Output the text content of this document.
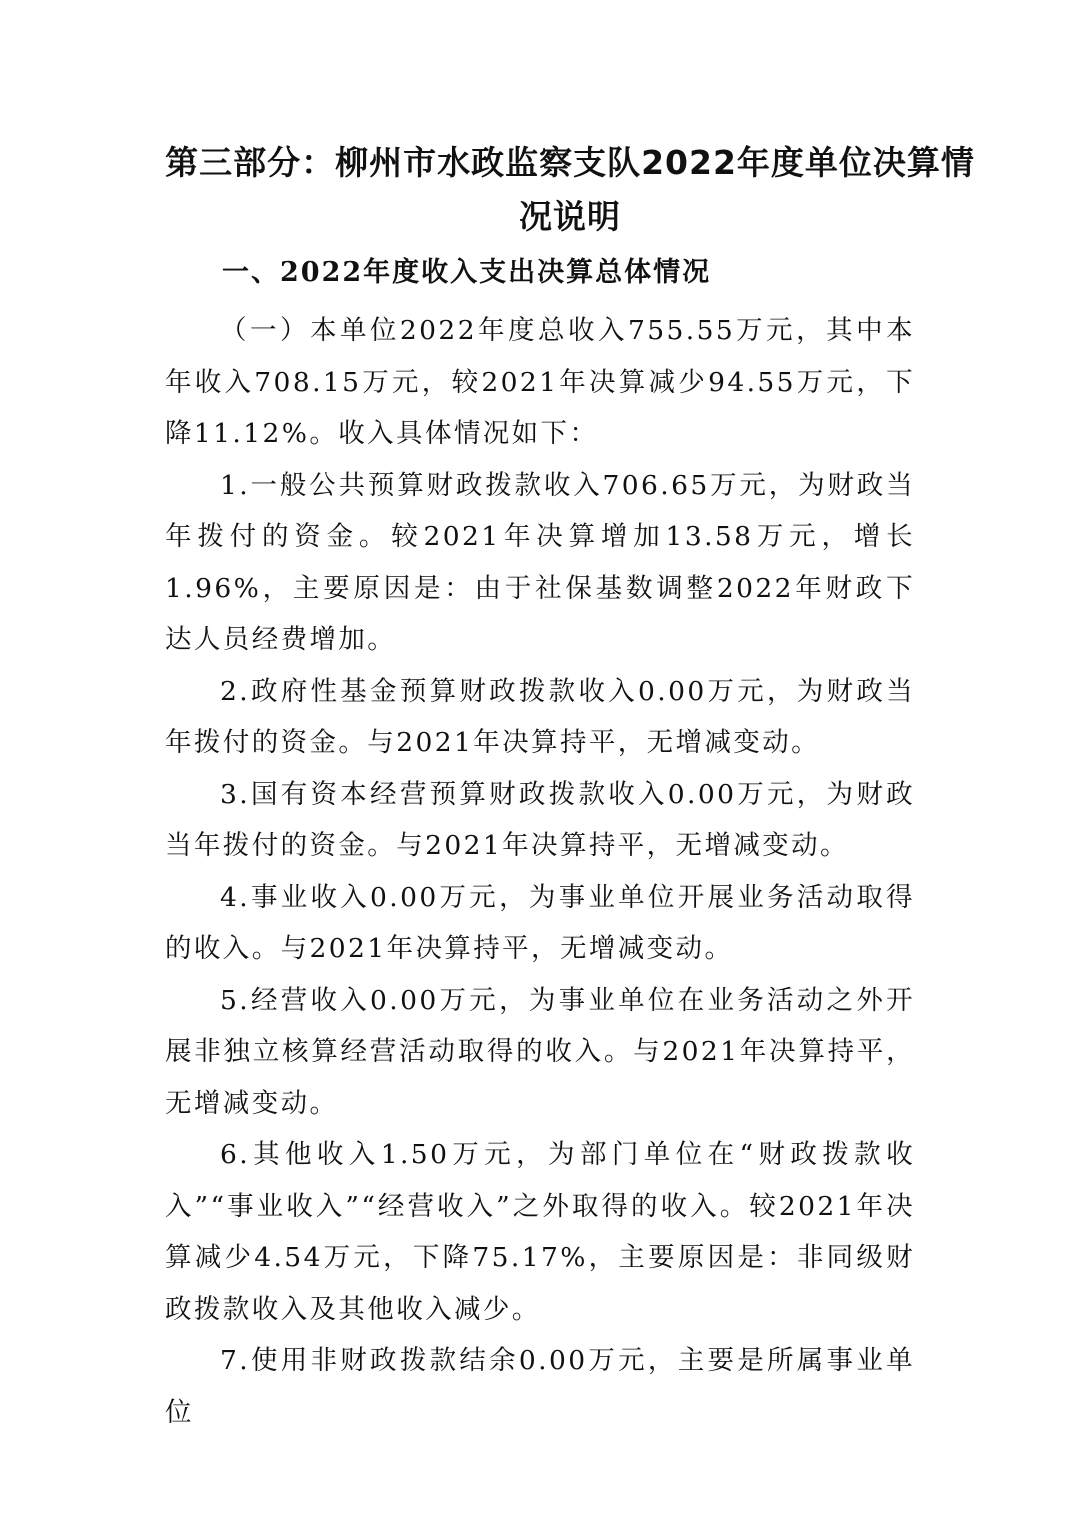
第三部分：柳州市水政监察支队2022年度单位决算情况说明
一、2022年度收入支出决算总体情况

（一）本单位2022年度总收入755.55万元，其中本年收入708.15万元，较2021年决算减少94.55万元，下降11.12%。收入具体情况如下：

1.一般公共预算财政拨款收入706.65万元，为财政当年拨付的资金。较2021年决算增加13.58万元，增长1.96%，主要原因是：由于社保基数调整2022年财政下达人员经费增加。

2.政府性基金预算财政拨款收入0.00万元，为财政当年拨付的资金。与2021年决算持平，无增减变动。

3.国有资本经营预算财政拨款收入0.00万元，为财政当年拨付的资金。与2021年决算持平，无增减变动。

4.事业收入0.00万元，为事业单位开展业务活动取得的收入。与2021年决算持平，无增减变动。

5.经营收入0.00万元，为事业单位在业务活动之外开展非独立核算经营活动取得的收入。与2021年决算持平，无增减变动。

6.其他收入1.50万元，为部门单位在“财政拨款收入”“事业收入”“经营收入”之外取得的收入。较2021年决算减少4.54万元，下降75.17%，主要原因是：非同级财政拨款收入及其他收入减少。

7.使用非财政拨款结余0.00万元，主要是所属事业单位
